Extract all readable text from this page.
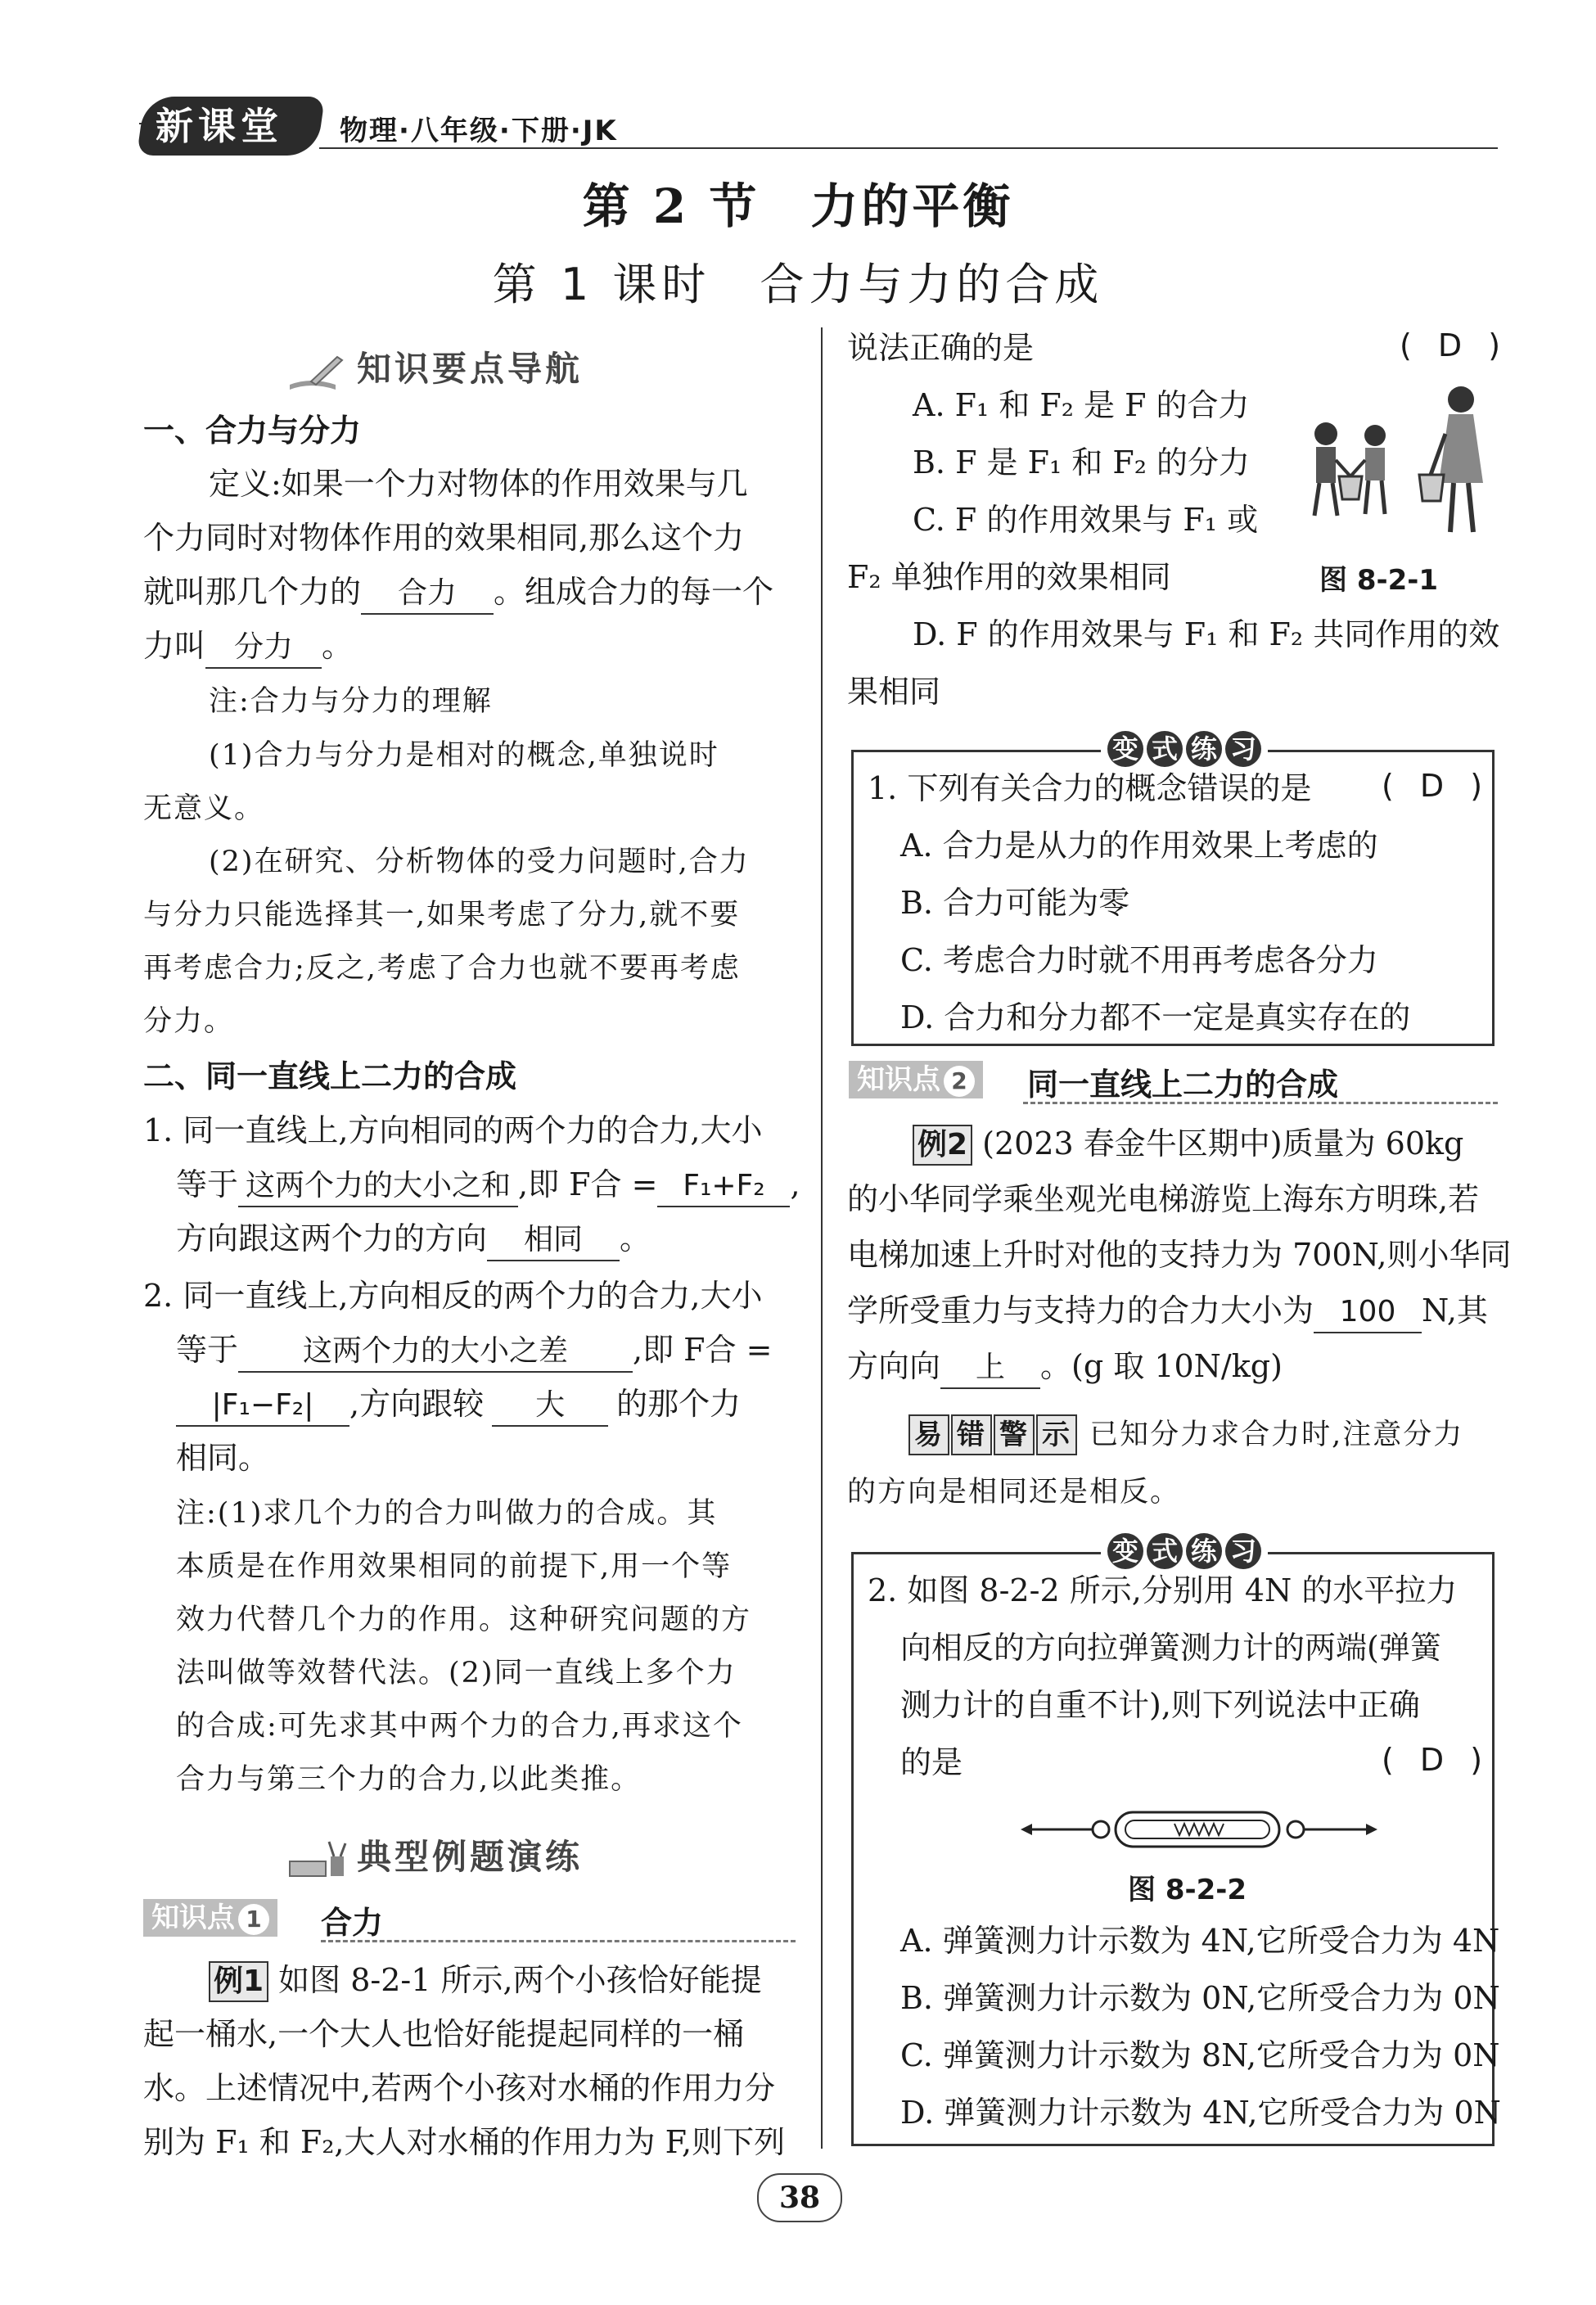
新课堂 物理·八年级·下册·JK
第 2 节　力的平衡
第 1 课时　合力与力的合成
知识要点导航
一、合力与分力
定义:如果一个力对物体的作用效果与几
个力同时对物体作用的效果相同,那么这个力
就叫那几个力的 合力 。组成合力的每一个
力叫 分力 。
注:合力与分力的理解
(1)合力与分力是相对的概念,单独说时
无意义。
(2)在研究、分析物体的受力问题时,合力
与分力只能选择其一,如果考虑了分力,就不要
再考虑合力;反之,考虑了合力也就不要再考虑
分力。
二、同一直线上二力的合成
1. 同一直线上,方向相同的两个力的合力,大小
等于 这两个力的大小之和 ,即 F合 = F₁+F₂ ,
方向跟这两个力的方向 相同 。
2. 同一直线上,方向相反的两个力的合力,大小
等于 这两个力的大小之差 ,即 F合 =
|F₁−F₂| ,方向跟较 大 的那个力
相同。
注:(1)求几个力的合力叫做力的合成。其
本质是在作用效果相同的前提下,用一个等
效力代替几个力的作用。这种研究问题的方
法叫做等效替代法。(2)同一直线上多个力
的合成:可先求其中两个力的合力,再求这个
合力与第三个力的合力,以此类推。
典型例题演练
知识点 1	合力
例1 如图 8-2-1 所示,两个小孩恰好能提
起一桶水,一个大人也恰好能提起同样的一桶
水。上述情况中,若两个小孩对水桶的作用力分
别为 F₁ 和 F₂,大人对水桶的作用力为 F,则下列
说法正确的是	( D )
A. F₁ 和 F₂ 是 F 的合力
B. F 是 F₁ 和 F₂ 的分力
C. F 的作用效果与 F₁ 或
F₂ 单独作用的效果相同
D. F 的作用效果与 F₁ 和 F₂ 共同作用的效
果相同
图 8-2-1
变 式 练 习
1. 下列有关合力的概念错误的是 ( D )
A. 合力是从力的作用效果上考虑的
B. 合力可能为零
C. 考虑合力时就不用再考虑各分力
D. 合力和分力都不一定是真实存在的
知识点 2	同一直线上二力的合成
例2 (2023 春金牛区期中)质量为 60kg
的小华同学乘坐观光电梯游览上海东方明珠,若
电梯加速上升时对他的支持力为 700N,则小华同
学所受重力与支持力的合力大小为 100 N,其
方向向 上 。(g 取 10N/kg)
易 错 警 示 已知分力求合力时,注意分力
的方向是相同还是相反。
变 式 练 习
2. 如图 8-2-2 所示,分别用 4N 的水平拉力
向相反的方向拉弹簧测力计的两端(弹簧
测力计的自重不计),则下列说法中正确
的是	( D )
图 8-2-2
A. 弹簧测力计示数为 4N,它所受合力为 4N
B. 弹簧测力计示数为 0N,它所受合力为 0N
C. 弹簧测力计示数为 8N,它所受合力为 0N
D. 弹簧测力计示数为 4N,它所受合力为 0N
38
